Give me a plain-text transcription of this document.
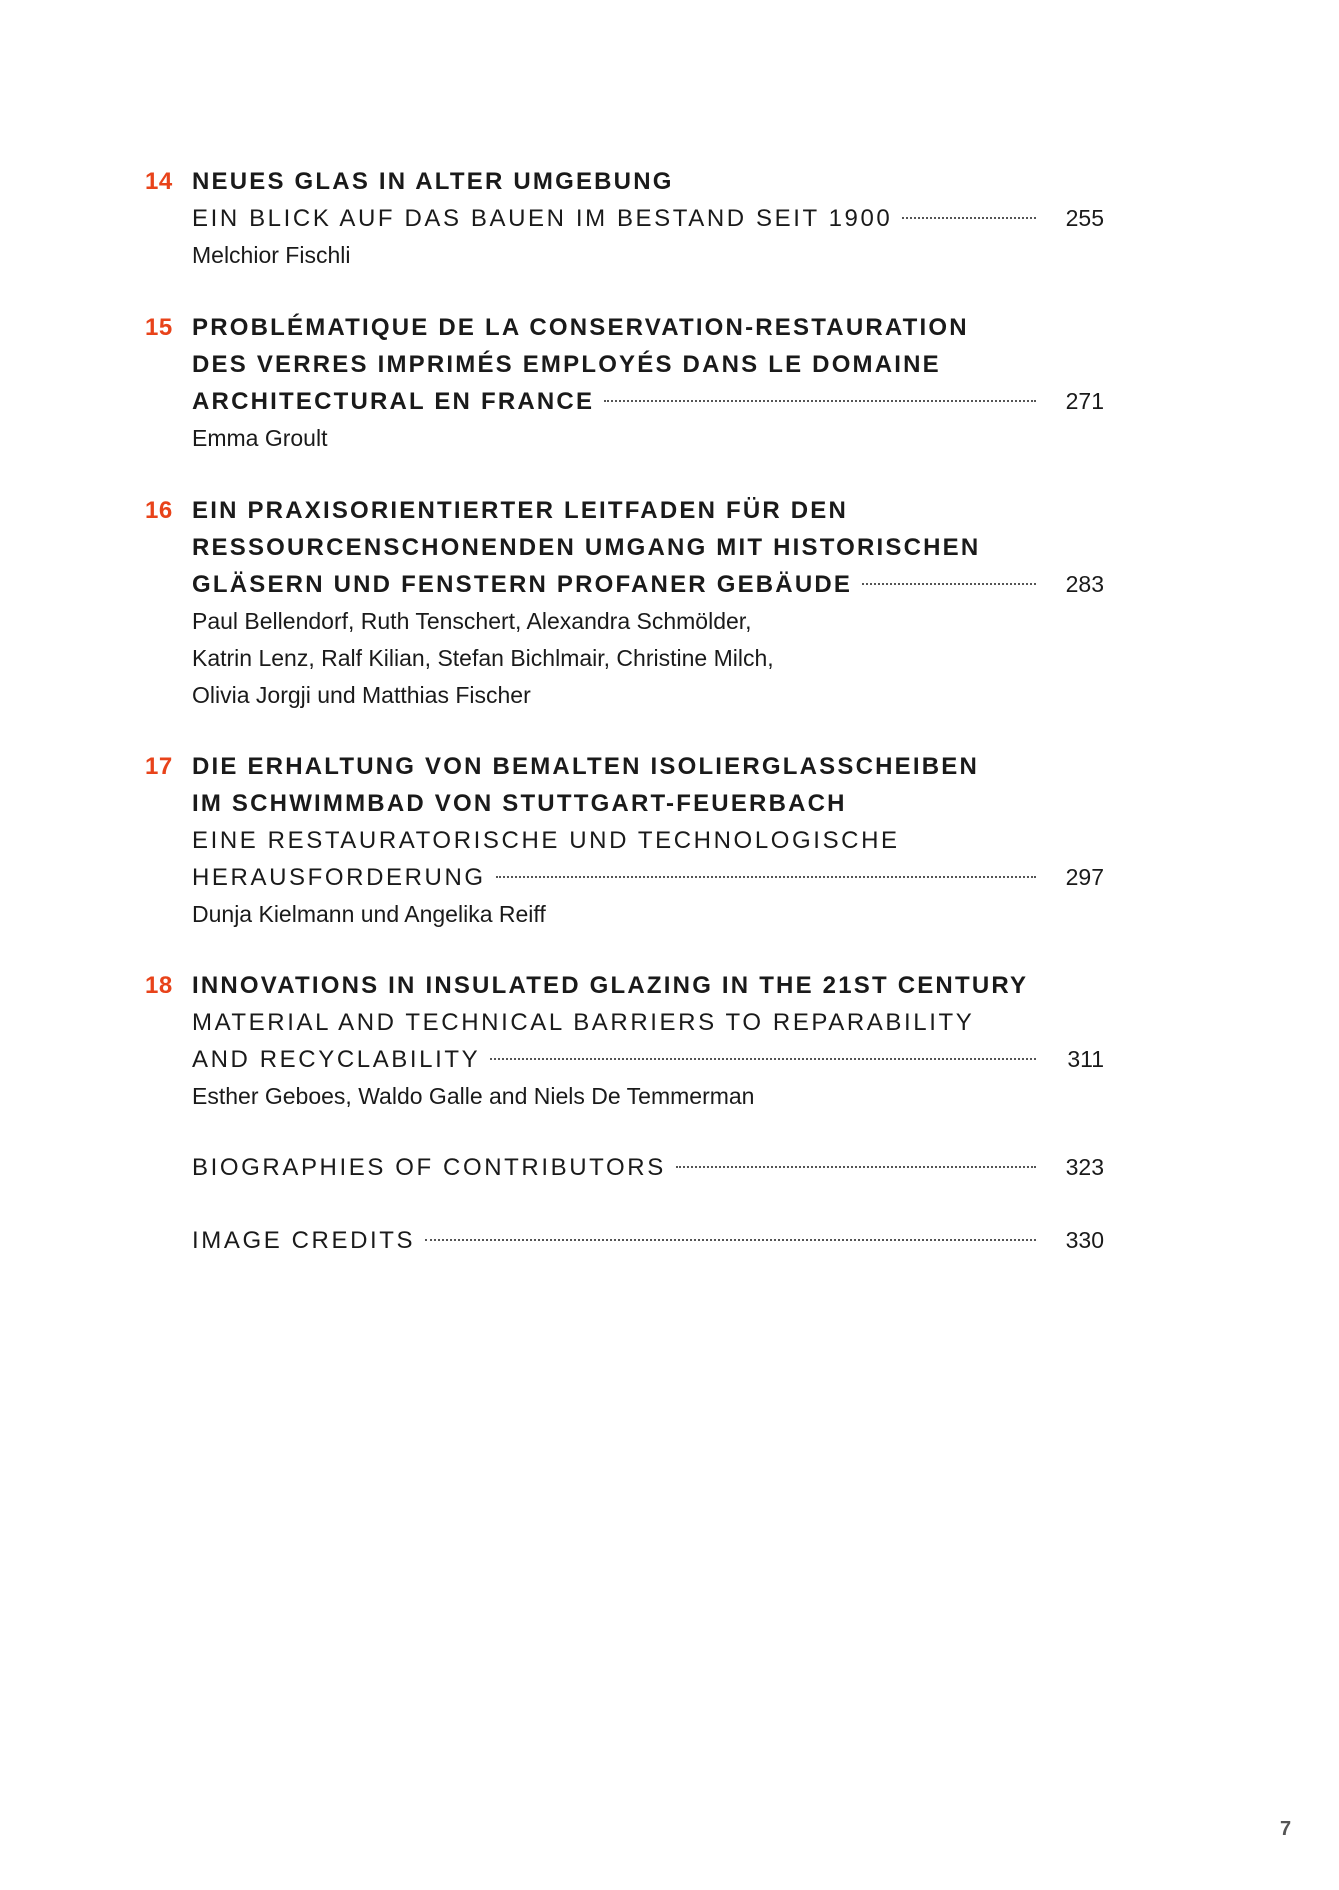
14 NEUES GLAS IN ALTER UMGEBUNG
EIN BLICK AUF DAS BAUEN IM BESTAND SEIT 1900	255
Melchior Fischli
15 PROBLÉMATIQUE DE LA CONSERVATION-RESTAURATION
DES VERRES IMPRIMÉS EMPLOYÉS DANS LE DOMAINE
ARCHITECTURAL EN FRANCE	271
Emma Groult
16 EIN PRAXISORIENTIERTER LEITFADEN FÜR DEN
RESSOURCENSCHONENDEN UMGANG MIT HISTORISCHEN
GLÄSERN UND FENSTERN PROFANER GEBÄUDE	283
Paul Bellendorf, Ruth Tenschert, Alexandra Schmölder,
Katrin Lenz, Ralf Kilian, Stefan Bichlmair, Christine Milch,
Olivia Jorgji und Matthias Fischer
17 DIE ERHALTUNG VON BEMALTEN ISOLIERGLASSCHEIBEN
IM SCHWIMMBAD VON STUTTGART-FEUERBACH
EINE RESTAURATORISCHE UND TECHNOLOGISCHE
HERAUSFORDERUNG	297
Dunja Kielmann und Angelika Reiff
18 INNOVATIONS IN INSULATED GLAZING IN THE 21ST CENTURY
MATERIAL AND TECHNICAL BARRIERS TO REPARABILITY
AND RECYCLABILITY	311
Esther Geboes, Waldo Galle and Niels De Temmerman
BIOGRAPHIES OF CONTRIBUTORS	323
IMAGE CREDITS	330
7
